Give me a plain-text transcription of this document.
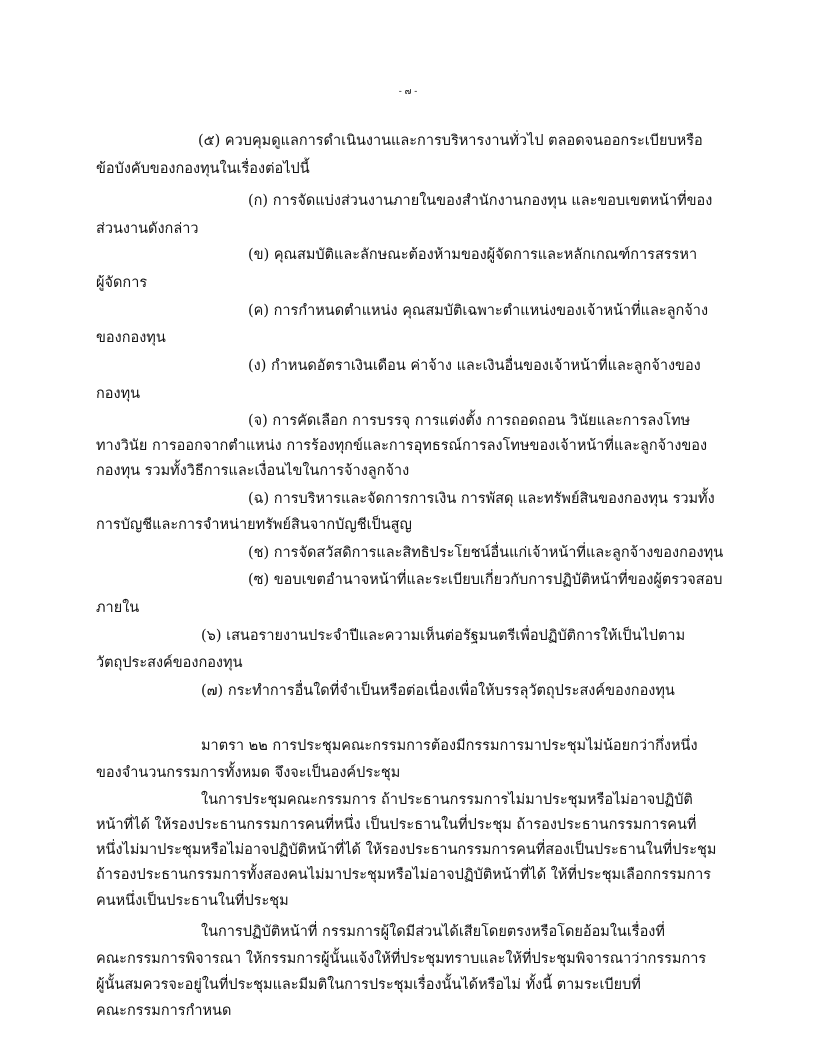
- ๗ -
(๕) ควบคุมดูแลการดำเนินงานและการบริหารงานทั่วไป ตลอดจนออกระเบียบหรือ
ข้อบังคับของกองทุนในเรื่องต่อไปนี้
(ก) การจัดแบ่งส่วนงานภายในของสำนักงานกองทุน และขอบเขตหน้าที่ของ
ส่วนงานดังกล่าว
(ข) คุณสมบัติและลักษณะต้องห้ามของผู้จัดการและหลักเกณฑ์การสรรหา
ผู้จัดการ
(ค) การกำหนดตำแหน่ง คุณสมบัติเฉพาะตำแหน่งของเจ้าหน้าที่และลูกจ้าง
ของกองทุน
(ง) กำหนดอัตราเงินเดือน ค่าจ้าง และเงินอื่นของเจ้าหน้าที่และลูกจ้างของ
กองทุน
(จ) การคัดเลือก การบรรจุ การแต่งตั้ง การถอดถอน วินัยและการลงโทษ
ทางวินัย การออกจากตำแหน่ง การร้องทุกข์และการอุทธรณ์การลงโทษของเจ้าหน้าที่และลูกจ้างของ
กองทุน รวมทั้งวิธีการและเงื่อนไขในการจ้างลูกจ้าง
(ฉ) การบริหารและจัดการการเงิน การพัสดุ และทรัพย์สินของกองทุน รวมทั้ง
การบัญชีและการจำหน่ายทรัพย์สินจากบัญชีเป็นสูญ
(ช) การจัดสวัสดิการและสิทธิประโยชน์อื่นแก่เจ้าหน้าที่และลูกจ้างของกองทุน
(ซ) ขอบเขตอำนาจหน้าที่และระเบียบเกี่ยวกับการปฏิบัติหน้าที่ของผู้ตรวจสอบ
ภายใน
(๖) เสนอรายงานประจำปีและความเห็นต่อรัฐมนตรีเพื่อปฏิบัติการให้เป็นไปตาม
วัตถุประสงค์ของกองทุน
(๗) กระทำการอื่นใดที่จำเป็นหรือต่อเนื่องเพื่อให้บรรลุวัตถุประสงค์ของกองทุน
มาตรา ๒๒ การประชุมคณะกรรมการต้องมีกรรมการมาประชุมไม่น้อยกว่ากึ่งหนึ่ง
ของจำนวนกรรมการทั้งหมด จึงจะเป็นองค์ประชุม
ในการประชุมคณะกรรมการ ถ้าประธานกรรมการไม่มาประชุมหรือไม่อาจปฏิบัติ
หน้าที่ได้ ให้รองประธานกรรมการคนที่หนึ่ง เป็นประธานในที่ประชุม ถ้ารองประธานกรรมการคนที่
หนึ่งไม่มาประชุมหรือไม่อาจปฏิบัติหน้าที่ได้ ให้รองประธานกรรมการคนที่สองเป็นประธานในที่ประชุม
ถ้ารองประธานกรรมการทั้งสองคนไม่มาประชุมหรือไม่อาจปฏิบัติหน้าที่ได้ ให้ที่ประชุมเลือกกรรมการ
คนหนึ่งเป็นประธานในที่ประชุม
ในการปฏิบัติหน้าที่ กรรมการผู้ใดมีส่วนได้เสียโดยตรงหรือโดยอ้อมในเรื่องที่
คณะกรรมการพิจารณา ให้กรรมการผู้นั้นแจ้งให้ที่ประชุมทราบและให้ที่ประชุมพิจารณาว่ากรรมการ
ผู้นั้นสมควรจะอยู่ในที่ประชุมและมีมติในการประชุมเรื่องนั้นได้หรือไม่ ทั้งนี้ ตามระเบียบที่
คณะกรรมการกำหนด
